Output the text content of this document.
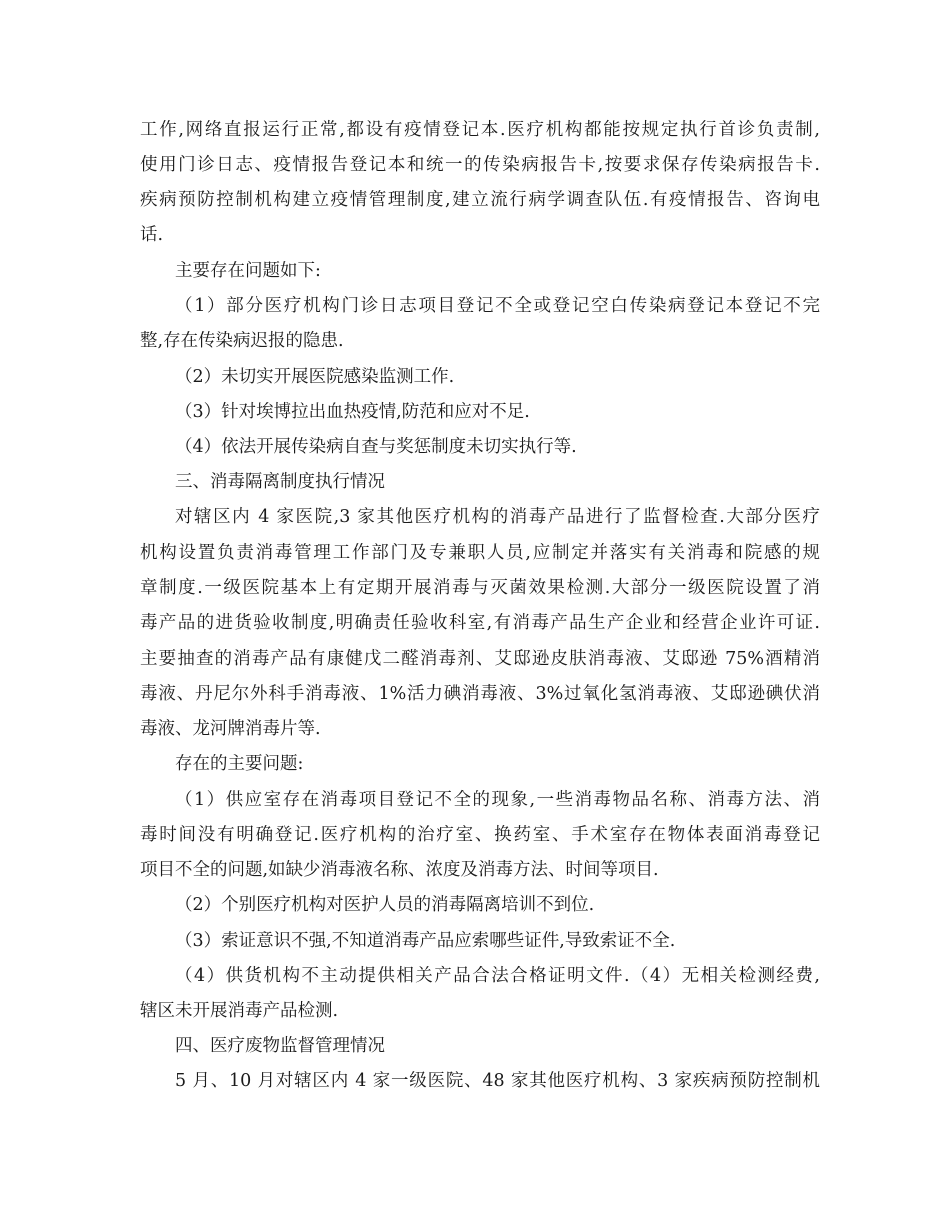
工作,网络直报运行正常,都设有疫情登记本.医疗机构都能按规定执行首诊负责制,
使用门诊日志、疫情报告登记本和统一的传染病报告卡,按要求保存传染病报告卡.
疾病预防控制机构建立疫情管理制度,建立流行病学调查队伍.有疫情报告、咨询电
话.
主要存在问题如下:
（1）部分医疗机构门诊日志项目登记不全或登记空白传染病登记本登记不完
整,存在传染病迟报的隐患.
（2）未切实开展医院感染监测工作.
（3）针对埃博拉出血热疫情,防范和应对不足.
（4）依法开展传染病自查与奖惩制度未切实执行等.
三、消毒隔离制度执行情况
对辖区内 4 家医院,3 家其他医疗机构的消毒产品进行了监督检查.大部分医疗
机构设置负责消毒管理工作部门及专兼职人员,应制定并落实有关消毒和院感的规
章制度.一级医院基本上有定期开展消毒与灭菌效果检测.大部分一级医院设置了消
毒产品的进货验收制度,明确责任验收科室,有消毒产品生产企业和经营企业许可证.
主要抽查的消毒产品有康健戊二醛消毒剂、艾邸逊皮肤消毒液、艾邸逊 75%酒精消
毒液、丹尼尔外科手消毒液、1%活力碘消毒液、3%过氧化氢消毒液、艾邸逊碘伏消
毒液、龙河牌消毒片等.
存在的主要问题:
（1）供应室存在消毒项目登记不全的现象,一些消毒物品名称、消毒方法、消
毒时间没有明确登记.医疗机构的治疗室、换药室、手术室存在物体表面消毒登记
项目不全的问题,如缺少消毒液名称、浓度及消毒方法、时间等项目.
（2）个别医疗机构对医护人员的消毒隔离培训不到位.
（3）索证意识不强,不知道消毒产品应索哪些证件,导致索证不全.
（4）供货机构不主动提供相关产品合法合格证明文件.（4）无相关检测经费,
辖区未开展消毒产品检测.
四、医疗废物监督管理情况
5 月、10 月对辖区内 4 家一级医院、48 家其他医疗机构、3 家疾病预防控制机
